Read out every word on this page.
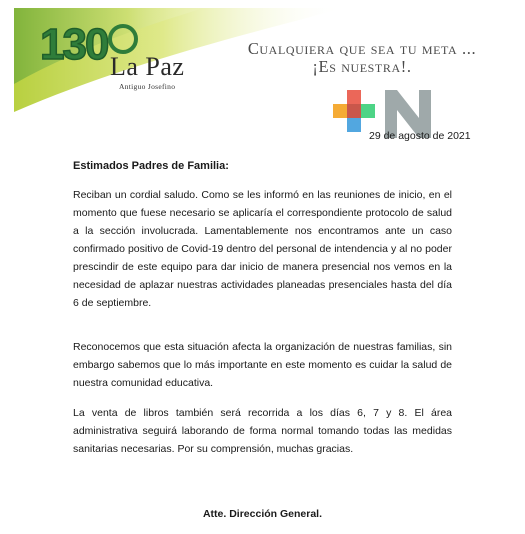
130 La Paz
Antiguo Josefino
Cualquiera que sea tu meta ...
¡Es nuestra!.
29 de agosto de 2021
Estimados Padres de Familia:
Reciban un cordial saludo. Como se les informó en las reuniones de inicio, en el momento que fuese necesario se aplicaría el correspondiente protocolo de salud a la sección involucrada. Lamentablemente nos encontramos ante un caso confirmado positivo de Covid-19 dentro del personal de intendencia y al no poder prescindir de este equipo para dar inicio de manera presencial nos vemos en la necesidad de aplazar nuestras actividades planeadas presenciales hasta del día 6 de septiembre.
Reconocemos que esta situación afecta la organización de nuestras familias, sin embargo sabemos que lo más importante en este momento es cuidar la salud de nuestra comunidad educativa.
La venta de libros también será recorrida a los días 6, 7 y 8. El área administrativa seguirá laborando de forma normal tomando todas las medidas sanitarias necesarias. Por su comprensión, muchas gracias.
Atte. Dirección General.
